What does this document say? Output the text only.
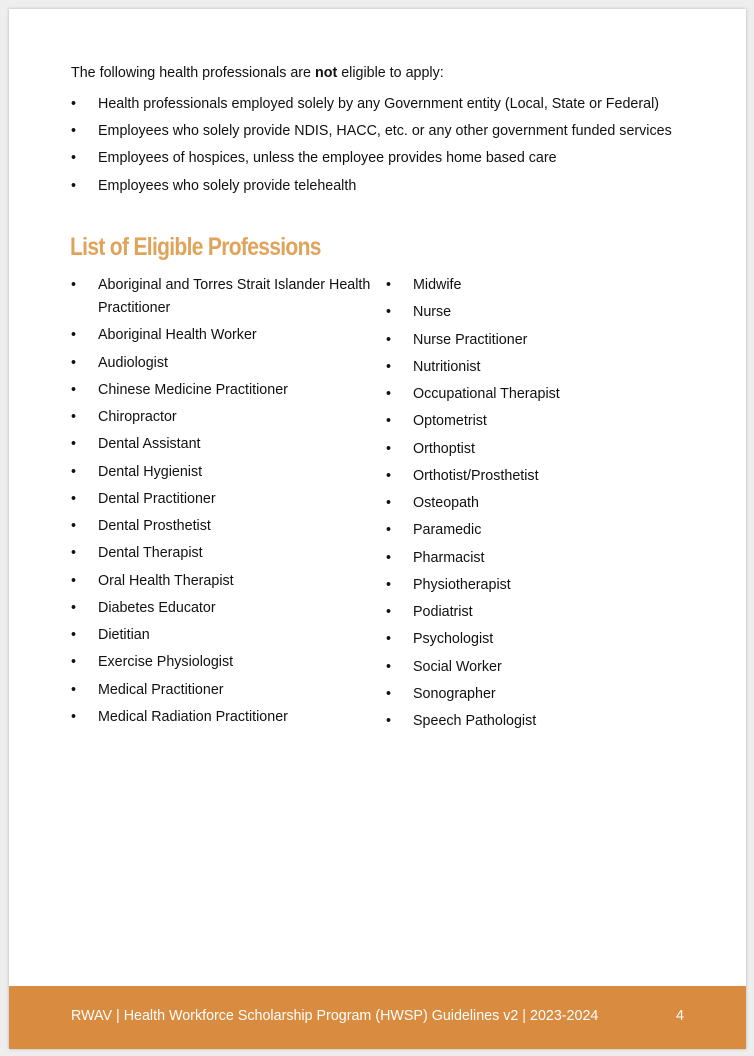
The following health professionals are not eligible to apply:

•	Health professionals employed solely by any Government entity (Local, State or Federal)
•	Employees who solely provide NDIS, HACC, etc. or any other government funded services
•	Employees of hospices, unless the employee provides home based care
•	Employees who solely provide telehealth
List of Eligible Professions
•	Aboriginal and Torres Strait Islander Health Practitioner
•	Aboriginal Health Worker
•	Audiologist
•	Chinese Medicine Practitioner
•	Chiropractor
•	Dental Assistant
•	Dental Hygienist
•	Dental Practitioner
•	Dental Prosthetist
•	Dental Therapist
•	Oral Health Therapist
•	Diabetes Educator
•	Dietitian
•	Exercise Physiologist
•	Medical Practitioner
•	Medical Radiation Practitioner
•	Midwife
•	Nurse
•	Nurse Practitioner
•	Nutritionist
•	Occupational Therapist
•	Optometrist
•	Orthoptist
•	Orthotist/Prosthetist
•	Osteopath
•	Paramedic
•	Pharmacist
•	Physiotherapist
•	Podiatrist
•	Psychologist
•	Social Worker
•	Sonographer
•	Speech Pathologist
RWAV | Health Workforce Scholarship Program (HWSP) Guidelines v2 | 2023-2024	4
